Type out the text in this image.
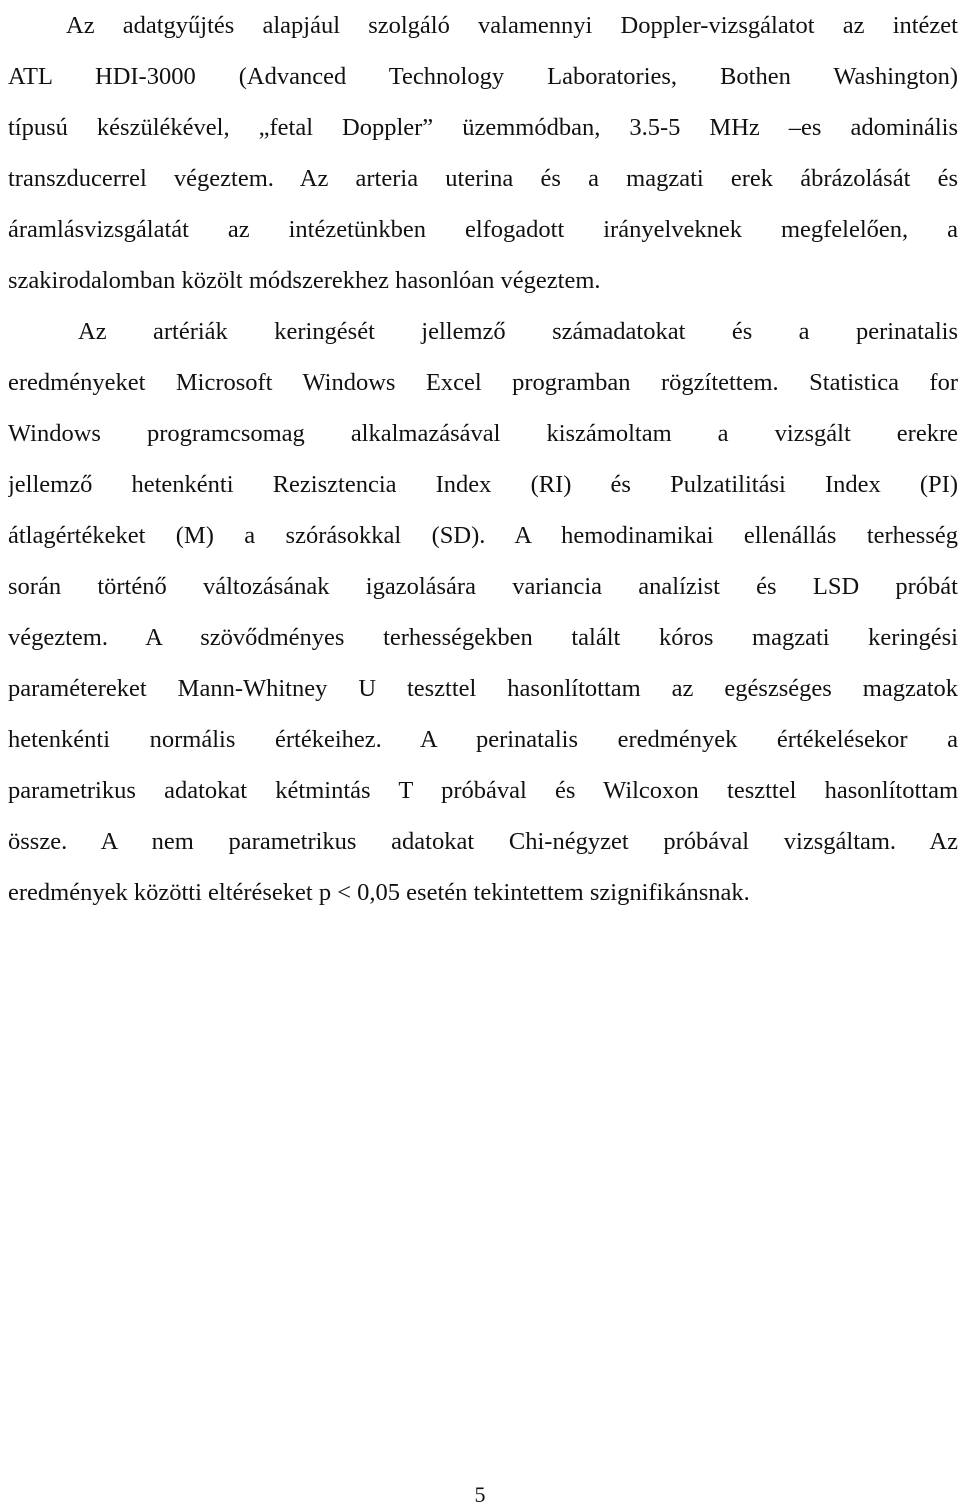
Az adatgyűjtés alapjául szolgáló valamennyi Doppler-vizsgálatot az intézet
ATL HDI-3000 (Advanced Technology Laboratories, Bothen Washington)
típusú készülékével, „fetal Doppler” üzemmódban, 3.5-5 MHz –es adominális
transzducerrel végeztem. Az arteria uterina és a magzati erek ábrázolását és
áramlásvizsgálatát az intézetünkben elfogadott irányelveknek megfelelően, a
szakirodalomban közölt módszerekhez hasonlóan végeztem.
Az artériák keringését jellemző számadatokat és a perinatalis
eredményeket Microsoft Windows Excel programban rögzítettem. Statistica for
Windows programcsomag alkalmazásával kiszámoltam a vizsgált erekre
jellemző hetenkénti Rezisztencia Index (RI) és Pulzatilitási Index (PI)
átlagértékeket (M) a szórásokkal (SD). A hemodinamikai ellenállás terhesség
során történő változásának igazolására variancia analízist és LSD próbát
végeztem. A szövődményes terhességekben talált kóros magzati keringési
paramétereket Mann-Whitney U teszttel hasonlítottam az egészséges magzatok
hetenkénti normális értékeihez. A perinatalis eredmények értékelésekor a
parametrikus adatokat kétmintás T próbával és Wilcoxon teszttel hasonlítottam
össze. A nem parametrikus adatokat Chi-négyzet próbával vizsgáltam. Az
eredmények közötti eltéréseket p < 0,05 esetén tekintettem szignifikánsnak.
5
